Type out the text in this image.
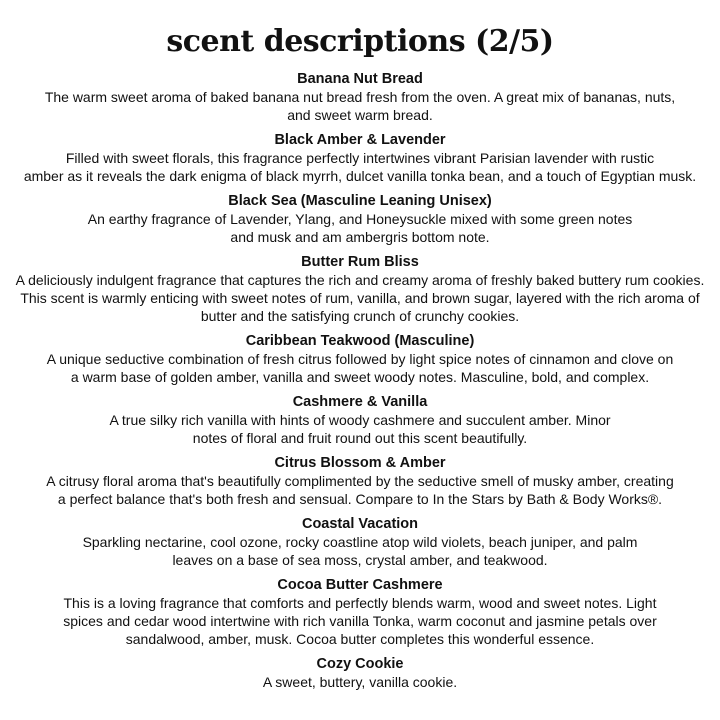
scent descriptions (2/5)

Banana Nut Bread

The warm sweet aroma of baked banana nut bread fresh from the oven. A great mix of bananas, nuts,
and sweet warm bread.

Black Amber & Lavender

Filled with sweet florals, this fragrance perfectly intertwines vibrant Parisian lavender with rustic
amber as it reveals the dark enigma of black myrrh, dulcet vanilla tonka bean, and a touch of Egyptian musk.

Black Sea (Masculine Leaning Unisex)

An earthy fragrance of Lavender, Ylang, and Honeysuckle mixed with some green notes
and musk and am ambergris bottom note.

Butter Rum Bliss

A deliciously indulgent fragrance that captures the rich and creamy aroma of freshly baked buttery rum cookies.
This scent is warmly enticing with sweet notes of rum, vanilla, and brown sugar, layered with the rich aroma of
butter and the satisfying crunch of crunchy cookies.

Caribbean Teakwood (Masculine)

A unique seductive combination of fresh citrus followed by light spice notes of cinnamon and clove on
a warm base of golden amber, vanilla and sweet woody notes. Masculine, bold, and complex.

Cashmere & Vanilla

A true silky rich vanilla with hints of woody cashmere and succulent amber. Minor
notes of floral and fruit round out this scent beautifully.

Citrus Blossom & Amber

A citrusy floral aroma that's beautifully complimented by the seductive smell of musky amber, creating
a perfect balance that's both fresh and sensual. Compare to In the Stars by Bath & Body Works®.

Coastal Vacation

Sparkling nectarine, cool ozone, rocky coastline atop wild violets, beach juniper, and palm
leaves on a base of sea moss, crystal amber, and teakwood.

Cocoa Butter Cashmere

This is a loving fragrance that comforts and perfectly blends warm, wood and sweet notes. Light
spices and cedar wood intertwine with rich vanilla Tonka, warm coconut and jasmine petals over
sandalwood, amber, musk. Cocoa butter completes this wonderful essence.

Cozy Cookie

A sweet, buttery, vanilla cookie.
